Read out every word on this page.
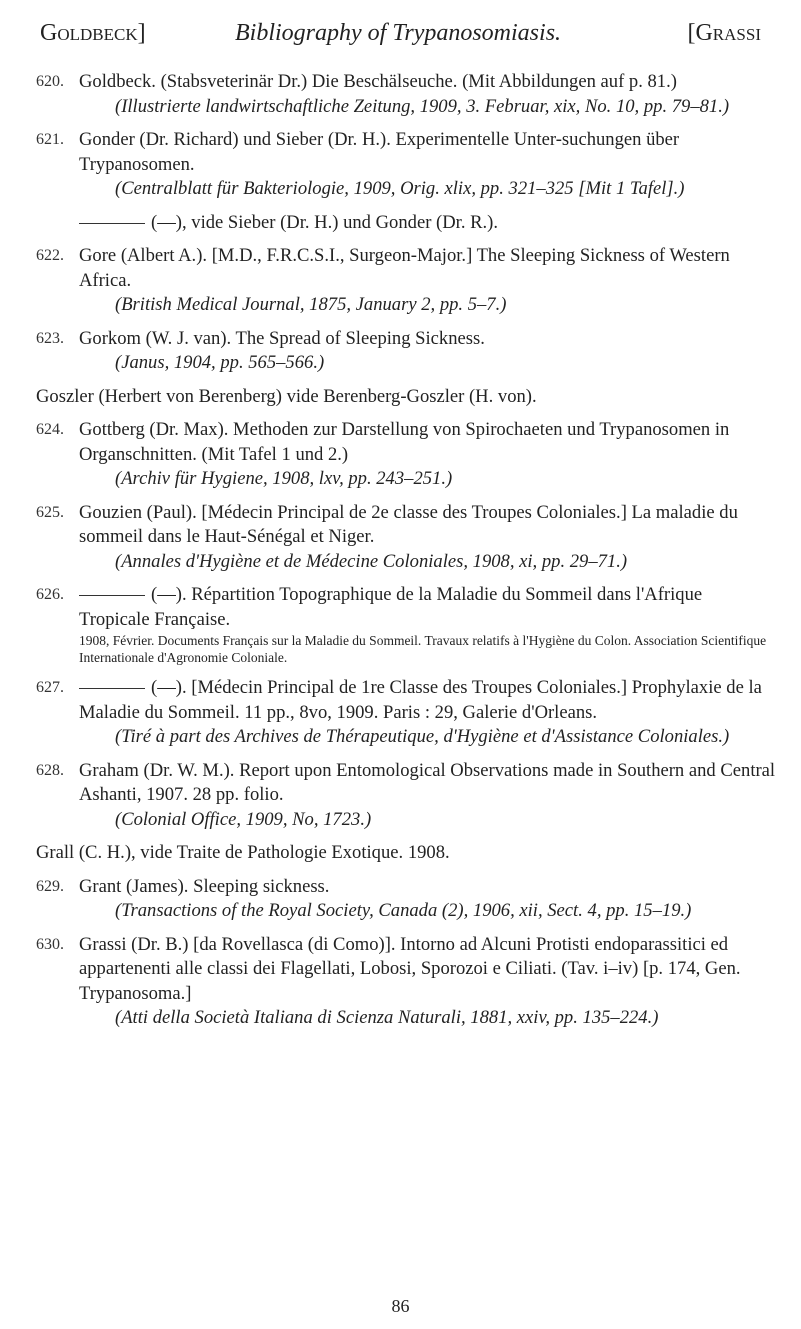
Goldbeck]	Bibliography of Trypanosomiasis.	[Grassi
620. Goldbeck. (Stabsveterinär Dr.) Die Beschälseuche. (Mit Abbildungen auf p. 81.)
(Illustrierte landwirtschaftliche Zeitung, 1909, 3. Februar, xix, No. 10, pp. 79–81.)
621. Gonder (Dr. Richard) und Sieber (Dr. H.). Experimentelle Unter-suchungen über Trypanosomen.
(Centralblatt für Bakteriologie, 1909, Orig. xlix, pp. 321–325 [Mit 1 Tafel].)
(—), vide Sieber (Dr. H.) und Gonder (Dr. R.).
622. Gore (Albert A.). [M.D., F.R.C.S.I., Surgeon-Major.] The Sleeping Sickness of Western Africa.
(British Medical Journal, 1875, January 2, pp. 5–7.)
623. Gorkom (W. J. van). The Spread of Sleeping Sickness.
(Janus, 1904, pp. 565–566.)
Goszler (Herbert von Berenberg) vide Berenberg-Goszler (H. von).
624. Gottberg (Dr. Max). Methoden zur Darstellung von Spirochaeten und Trypanosomen in Organschnitten. (Mit Tafel 1 und 2.)
(Archiv für Hygiene, 1908, lxv, pp. 243–251.)
625. Gouzien (Paul). [Médecin Principal de 2e classe des Troupes Coloniales.] La maladie du sommeil dans le Haut-Sénégal et Niger.
(Annales d'Hygiène et de Médecine Coloniales, 1908, xi, pp. 29–71.)
626.	(—). Répartition Topographique de la Maladie du Sommeil dans l'Afrique Tropicale Française.
1908, Février. Documents Français sur la Maladie du Sommeil. Travaux relatifs à l'Hygiène du Colon. Association Scientifique Internationale d'Agronomie Coloniale.
627.	(—). [Médecin Principal de 1re Classe des Troupes Coloniales.] Prophylaxie de la Maladie du Sommeil. 11 pp., 8vo, 1909. Paris : 29, Galerie d'Orleans.
(Tiré à part des Archives de Thérapeutique, d'Hygiène et d'Assistance Coloniales.)
628. Graham (Dr. W. M.). Report upon Entomological Observations made in Southern and Central Ashanti, 1907. 28 pp. folio.
(Colonial Office, 1909, No, 1723.)
Grall (C. H.), vide Traite de Pathologie Exotique. 1908.
629. Grant (James). Sleeping sickness.
(Transactions of the Royal Society, Canada (2), 1906, xii, Sect. 4, pp. 15–19.)
630. Grassi (Dr. B.) [da Rovellasca (di Como)]. Intorno ad Alcuni Protisti endoparassitici ed appartenenti alle classi dei Flagellati, Lobosi, Sporozoi e Ciliati. (Tav. i–iv) [p. 174, Gen. Trypanosoma.]
(Atti della Società Italiana di Scienza Naturali, 1881, xxiv, pp. 135–224.)
86
